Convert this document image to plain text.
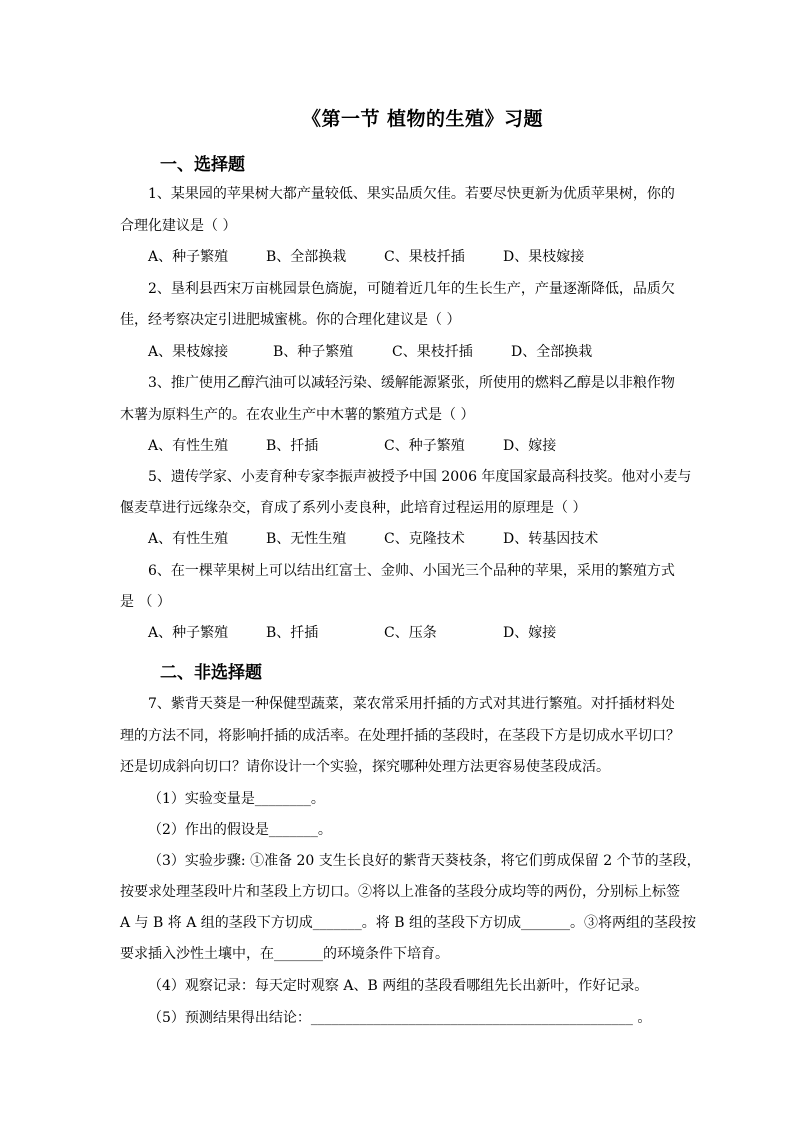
《第一节 植物的生殖》习题
一、选择题
1、某果园的苹果树大都产量较低、果实品质欠佳。若要尽快更新为优质苹果树，你的
合理化建议是（ ）
A、种子繁殖	B、全部换栽	C、果枝扦插	D、果枝嫁接
2、垦利县西宋万亩桃园景色旖旎，可随着近几年的生长生产，产量逐渐降低，品质欠
佳，经考察决定引进肥城蜜桃。你的合理化建议是（ ）
A、果枝嫁接	B、种子繁殖	C、果枝扦插	D、全部换栽
3、推广使用乙醇汽油可以减轻污染、缓解能源紧张，所使用的燃料乙醇是以非粮作物
木薯为原料生产的。在农业生产中木薯的繁殖方式是（ ）
A、有性生殖	B、扦插	C、种子繁殖	D、嫁接
5、遗传学家、小麦育种专家李振声被授予中国 2006 年度国家最高科技奖。他对小麦与
偃麦草进行远缘杂交，育成了系列小麦良种，此培育过程运用的原理是（ ）
A、有性生殖	B、无性生殖	C、克隆技术	D、转基因技术
6、在一棵苹果树上可以结出红富士、金帅、小国光三个品种的苹果，采用的繁殖方式
是 （ ）
A、种子繁殖	B、扦插	C、压条	D、嫁接
二、非选择题
7、紫背天葵是一种保健型蔬菜，菜农常采用扦插的方式对其进行繁殖。对扦插材料处
理的方法不同，将影响扦插的成活率。在处理扦插的茎段时，在茎段下方是切成水平切口？
还是切成斜向切口？请你设计一个实验，探究哪种处理方法更容易使茎段成活。
（1）实验变量是________。
（2）作出的假设是_______。
（3）实验步骤: ①准备 20 支生长良好的紫背天葵枝条，将它们剪成保留 2 个节的茎段，
按要求处理茎段叶片和茎段上方切口。②将以上准备的茎段分成均等的两份，分别标上标签
A 与 B 将 A 组的茎段下方切成_______。将 B 组的茎段下方切成_______。③将两组的茎段按
要求插入沙性土壤中，在_______的环境条件下培育。
（4）观察记录：每天定时观察 A、B 两组的茎段看哪组先长出新叶，作好记录。
（5）预测结果得出结论：______________________________________________ 。
